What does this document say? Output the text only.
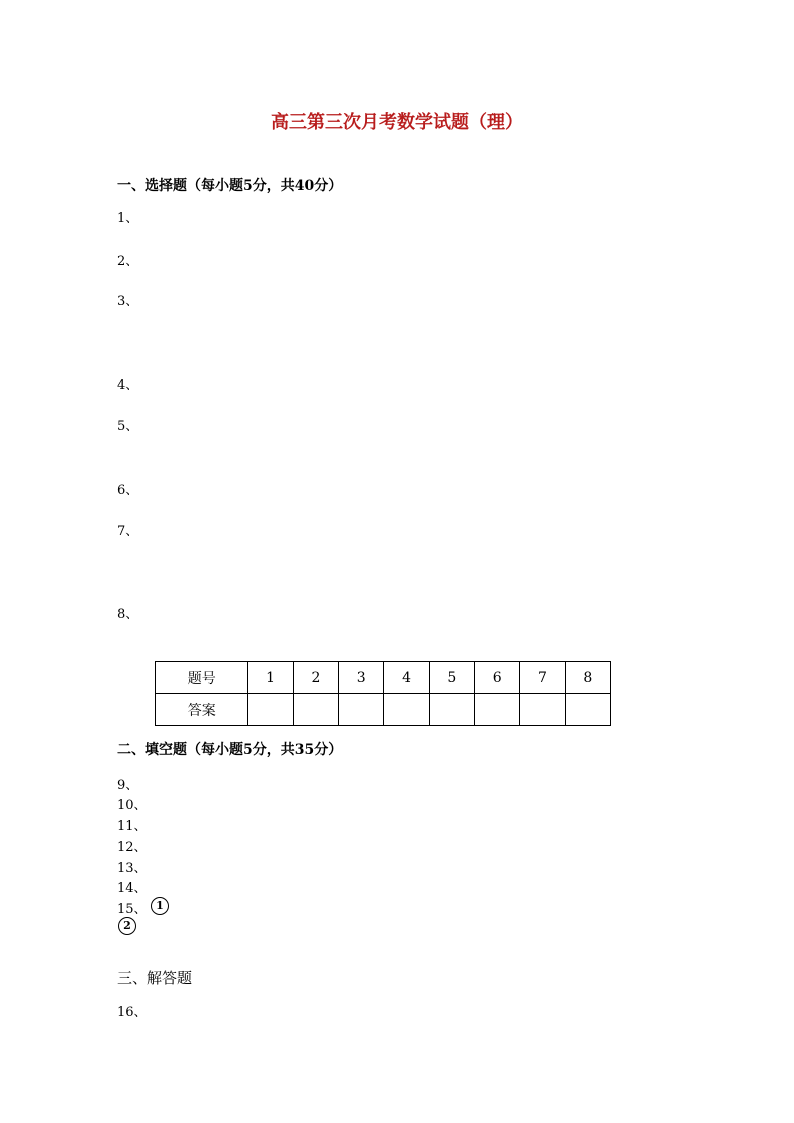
高三第三次月考数学试题（理）
一、选择题（每小题5分，共40分）
1、
2、
3、
4、
5、
6、
7、
8、
题号	1	2	3	4	5	6	7	8
答案								
二、填空题（每小题5分，共35分）
9、
10、
11、
12、
13、
14、
15、 1
2
三、解答题
16、
